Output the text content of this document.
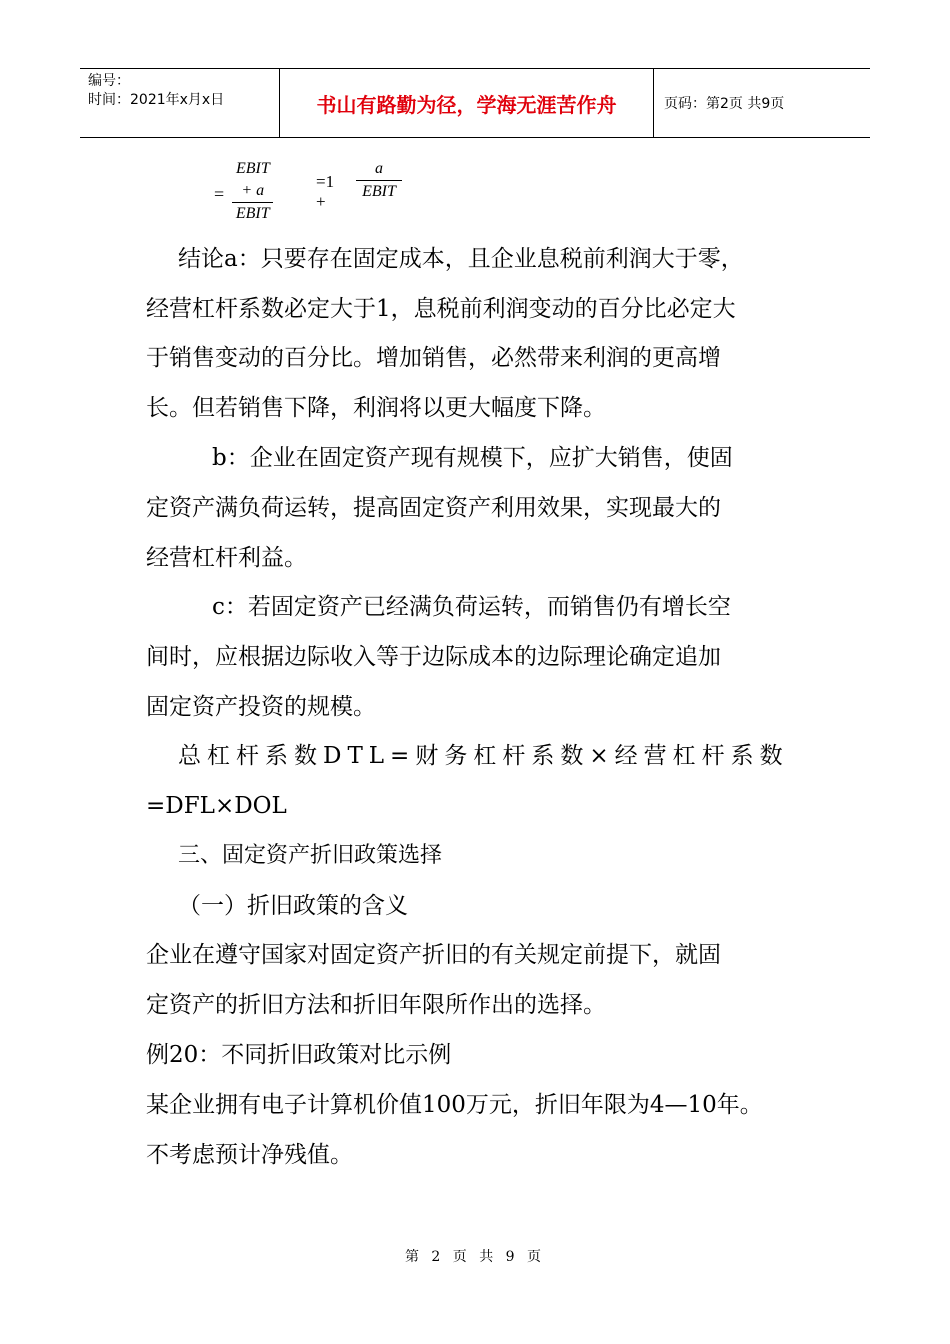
编号：
时间：2021年x月x日	书山有路勤为径，学海无涯苦作舟	页码：第2页 共9页
=
EBIT + a
EBIT
=1 +
a
EBIT
结论a：只要存在固定成本，且企业息税前利润大于零，
经营杠杆系数必定大于1，息税前利润变动的百分比必定大
于销售变动的百分比。增加销售，必然带来利润的更高增
长。但若销售下降，利润将以更大幅度下降。
b：企业在固定资产现有规模下，应扩大销售，使固
定资产满负荷运转，提高固定资产利用效果，实现最大的
经营杠杆利益。
c：若固定资产已经满负荷运转，而销售仍有增长空
间时，应根据边际收入等于边际成本的边际理论确定追加
固定资产投资的规模。
总杠杆系数DTL=财务杠杆系数×经营杠杆系数
=DFL×DOL
三、固定资产折旧政策选择
（一）折旧政策的含义
企业在遵守国家对固定资产折旧的有关规定前提下，就固
定资产的折旧方法和折旧年限所作出的选择。
例20：不同折旧政策对比示例
某企业拥有电子计算机价值100万元，折旧年限为4—10年。
不考虑预计净残值。
第 2 页 共 9 页
